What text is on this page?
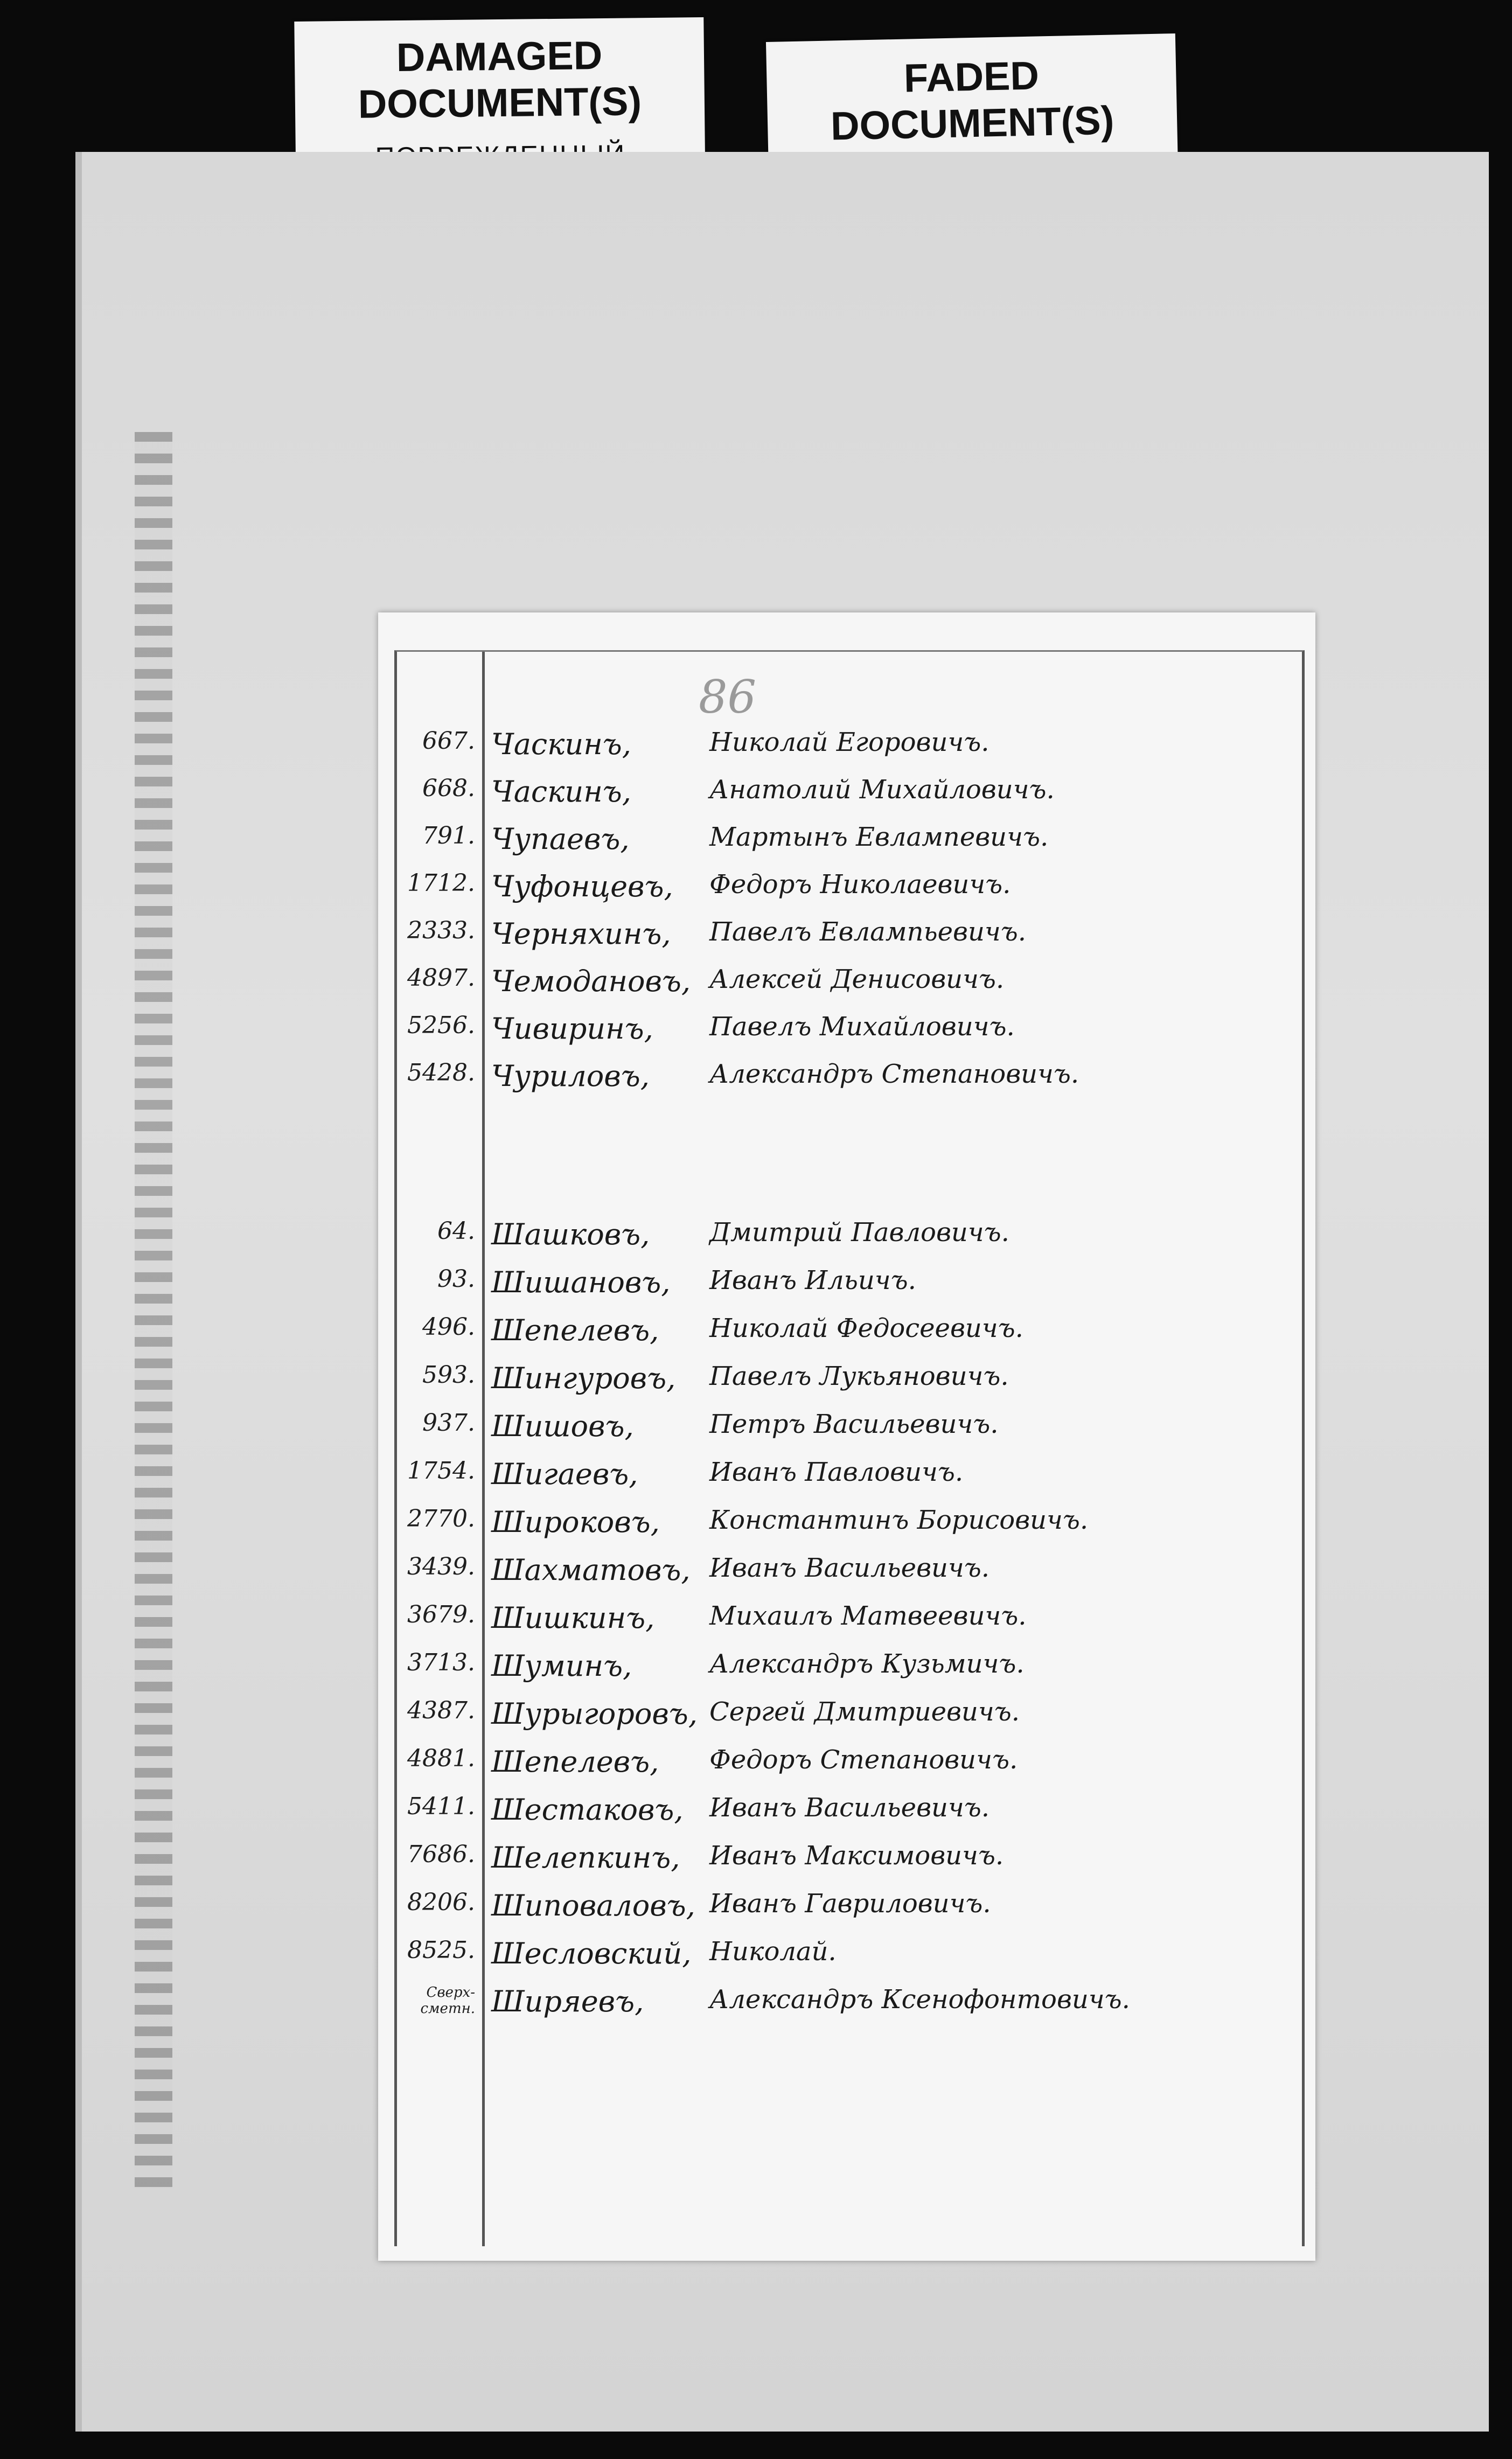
DAMAGED DOCUMENT(S)
FADED DOCUMENT(S)
86
667. Часкинъ,	Николай Егоровичъ.
668. Часкинъ,	Анатолий Михайловичъ.
791. Чупаевъ,	Мартынъ Евлампевичъ.
1712. Чуфонцевъ,	Федоръ Николаевичъ.
2333. Черняхинъ,	Павелъ Евлампьевичъ.
4897. Чемодановъ, Алексей Денисовичъ.
5256. Чивиринъ,	Павелъ Михайловичъ.
5428. Чуриловъ,	Александръ Степановичъ.
64. Шашковъ,	Дмитрий Павловичъ.
93. Шишановъ,	Иванъ Ильичъ.
496. Шепелевъ,	Николай Федосеевичъ.
593. Шингуровъ,	Павелъ Лукьяновичъ.
937. Шишовъ,	Петръ Васильевичъ.
1754. Шигаевъ,	Иванъ Павловичъ.
2770. Широковъ,	Константинъ Борисовичъ.
3439. Шахматовъ, Иванъ Васильевичъ.
3679. Шишкинъ,	Михаилъ Матвеевичъ.
3713. Шуминъ,	Александръ Кузьмичъ.
4387. Шурыгоровъ, Сергей Дмитриевичъ.
4881. Шепелевъ,	Федоръ Степановичъ.
5411. Шестаковъ,	Иванъ Васильевичъ.
7686. Шелепкинъ,	Иванъ Максимовичъ.
8206. Шиповаловъ, Иванъ Гавриловичъ.
8525. Шесловский, Николай.
Сверх-сметн. Ширяевъ,	Александръ Ксенофонтовичъ.
